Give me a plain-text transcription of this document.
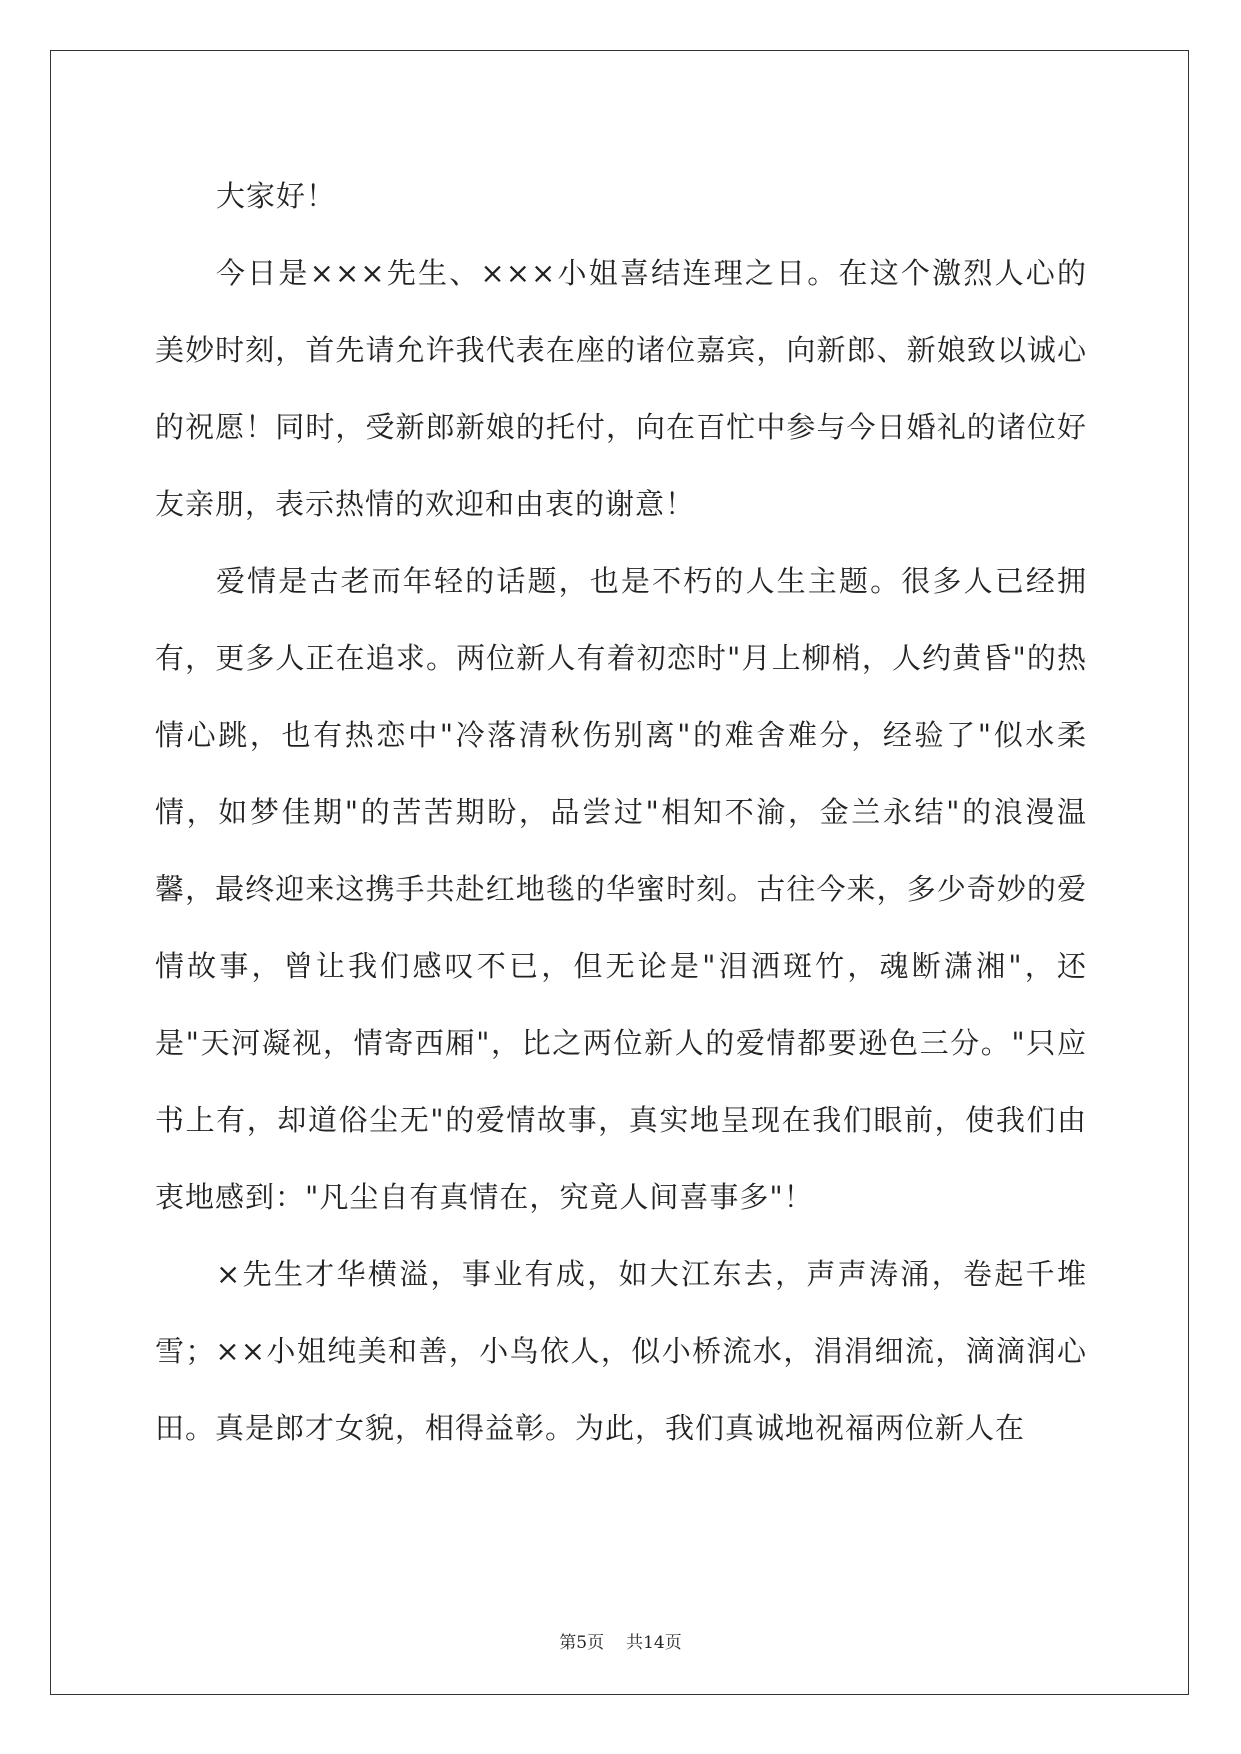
大家好！

今日是×××先生、×××小姐喜结连理之日。在这个激烈人心的美妙时刻，首先请允许我代表在座的诸位嘉宾，向新郎、新娘致以诚心的祝愿！同时，受新郎新娘的托付，向在百忙中参与今日婚礼的诸位好友亲朋，表示热情的欢迎和由衷的谢意！

爱情是古老而年轻的话题，也是不朽的人生主题。很多人已经拥有，更多人正在追求。两位新人有着初恋时"月上柳梢，人约黄昏"的热情心跳，也有热恋中"冷落清秋伤别离"的难舍难分，经验了"似水柔情，如梦佳期"的苦苦期盼，品尝过"相知不渝，金兰永结"的浪漫温馨，最终迎来这携手共赴红地毯的华蜜时刻。古往今来，多少奇妙的爱情故事，曾让我们感叹不已，但无论是"泪洒斑竹，魂断潇湘"，还是"天河凝视，情寄西厢"，比之两位新人的爱情都要逊色三分。"只应书上有，却道俗尘无"的爱情故事，真实地呈现在我们眼前，使我们由衷地感到："凡尘自有真情在，究竟人间喜事多"！

×先生才华横溢，事业有成，如大江东去，声声涛涌，卷起千堆雪；××小姐纯美和善，小鸟依人，似小桥流水，涓涓细流，滴滴润心田。真是郎才女貌，相得益彰。为此，我们真诚地祝福两位新人在

第5页 共14页
